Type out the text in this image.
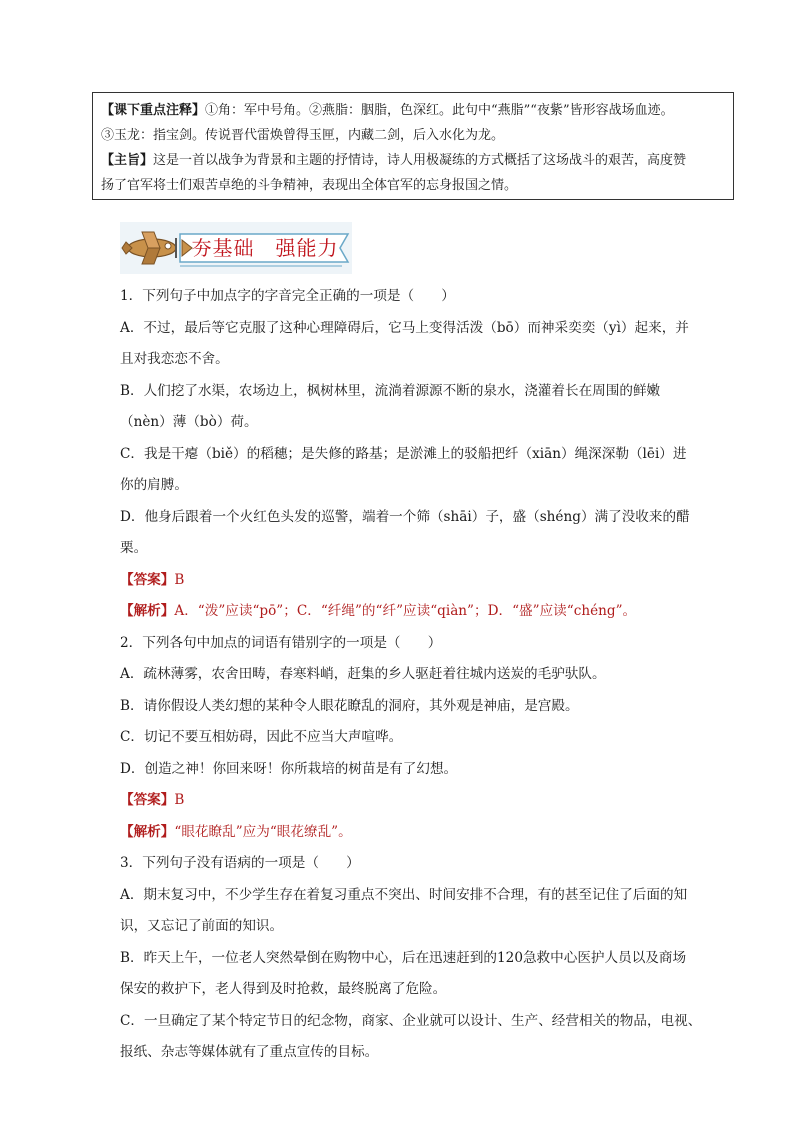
【课下重点注释】①角：军中号角。②燕脂：胭脂，色深红。此句中“燕脂”“夜紫”皆形容战场血迹。
③玉龙：指宝剑。传说晋代雷焕曾得玉匣，内藏二剑，后入水化为龙。
【主旨】这是一首以战争为背景和主题的抒情诗，诗人用极凝练的方式概括了这场战斗的艰苦，高度赞
扬了官军将士们艰苦卓绝的斗争精神，表现出全体官军的忘身报国之情。
夯基础　强能力

1．下列句子中加点字的字音完全正确的一项是（　　）

A．不过，最后等它克服了这种心理障碍后，它马上变得活泼（bō）而神采奕奕（yì）起来，并

且对我恋恋不舍。

B．人们挖了水渠，农场边上，枫树林里，流淌着源源不断的泉水，浇灌着长在周围的鲜嫩

（nèn）薄（bò）荷。

C．我是干瘪（biě）的稻穗；是失修的路基；是淤滩上的驳船把纤（xiān）绳深深勒（lēi）进

你的肩膊。

D．他身后跟着一个火红色头发的巡警，端着一个筛（shāi）子，盛（shéng）满了没收来的醋栗。

【答案】B

【解析】A．“泼”应读“pō”；C．“纤绳”的“纤”应读“qiàn”；D．“盛”应读“chéng”。

2．下列各句中加点的词语有错别字的一项是（　　）

A．疏林薄雾，农舍田畴，春寒料峭，赶集的乡人驱赶着往城内送炭的毛驴驮队。

B．请你假设人类幻想的某种令人眼花瞭乱的洞府，其外观是神庙，是宫殿。

C．切记不要互相妨碍，因此不应当大声喧哗。

D．创造之神！你回来呀！你所栽培的树苗是有了幻想。

【答案】B

【解析】“眼花瞭乱”应为“眼花缭乱”。

3．下列句子没有语病的一项是（　　）

A．期末复习中，不少学生存在着复习重点不突出、时间安排不合理，有的甚至记住了后面的知

识，又忘记了前面的知识。

B．昨天上午，一位老人突然晕倒在购物中心，后在迅速赶到的120急救中心医护人员以及商场

保安的救护下，老人得到及时抢救，最终脱离了危险。

C．一旦确定了某个特定节日的纪念物，商家、企业就可以设计、生产、经营相关的物品，电视、

报纸、杂志等媒体就有了重点宣传的目标。
